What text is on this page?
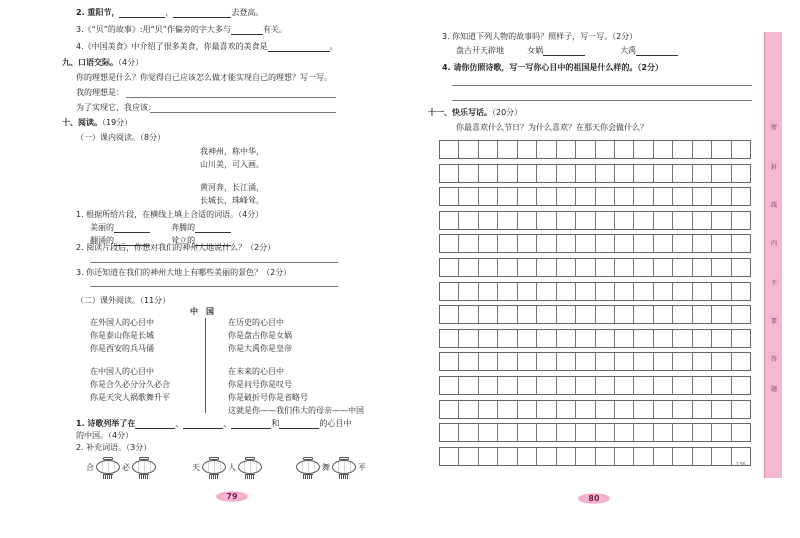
2. 重阳节，	，	去登高。
3.《“贝”的故事》:用“贝”作偏旁的字大多与	有关。
4.《中国美食》中介绍了很多美食，你最喜欢的美食是	。
九、口语交际。（4分）
你的理想是什么？你觉得自己应该怎么做才能实现自己的理想？写一写。
我的理想是：
为了实现它，我应该：
十、阅读。（19分）
（一）课内阅读。（8分）
我神州，称中华，
山川美，可入画。
黄河奔，长江涌，
长城长，珠峰耸。
1. 根据所给片段，在横线上填上合适的词语。（4分）
美丽的	奔腾的
翻涌的	耸立的
2. 阅读片段后，你想对我们的神州大地说什么？（2分）
3. 你还知道在我们的神州大地上有哪些美丽的景色？（2分）
（二）课外阅读。（11分）
中　国
在外国人的心目中
你是泰山你是长城
你是西安的兵马俑
在中国人的心目中
你是合久必分分久必合
你是天灾人祸歌舞升平
在历史的心目中
你是盘古你是女娲
你是大禹你是皇帝
在未来的心目中
你是问号你是叹号
你是破折号你是省略号
这就是你——我们伟大的母亲——中国
1. 诗歌列举了在	、	、	和	的心目中
的中国。（4分）
2. 补充词语。（3分）
合	必	天	人	舞	平
79
3. 你知道下列人物的故事吗？照样子，写一写。（2分）
盘古开天辟地	女娲	大禹
4. 请你仿照诗歌，写一写你心目中的祖国是什么样的。（2分）
十一、快乐写话。（20分）
你最喜欢什么节日？为什么喜欢？在那天你会做什么？
136
80
密
封
线
内
不
要
答
题
